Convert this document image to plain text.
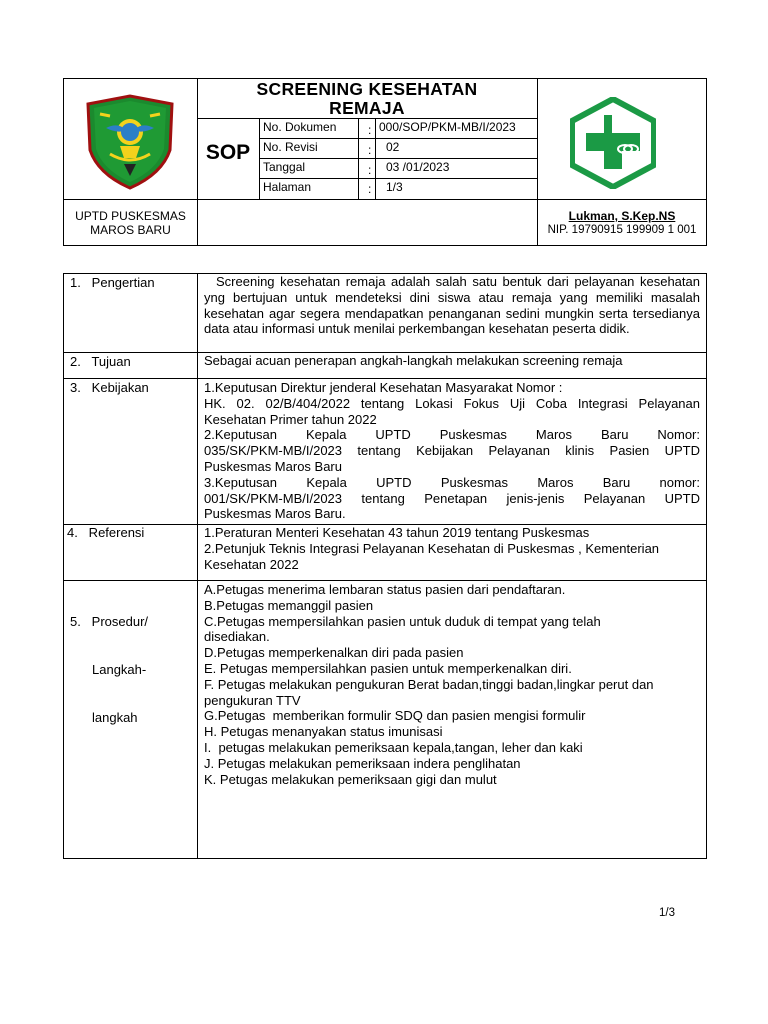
SCREENING KESEHATAN
REMAJA
SOP
No. Dokumen	: 000/SOP/PKM-MB/I/2023
No. Revisi	: 02
Tanggal	: 03 /01/2023
Halaman	: 1/3
UPTD PUSKESMAS
MAROS BARU
Lukman, S.Kep.NS
NIP. 19790915 199909 1 001
1.   Pengertian	Screening kesehatan remaja adalah salah satu bentuk dari pelayanan kesehatan yng bertujuan untuk mendeteksi dini siswa atau remaja yang memiliki masalah kesehatan agar segera mendapatkan penanganan sedini mungkin serta tersedianya data atau informasi untuk menilai perkembangan kesehatan peserta didik.
2.   Tujuan	Sebagai acuan penerapan angkah-langkah melakukan screening remaja
3.   Kebijakan	1.Keputusan Direktur jenderal Kesehatan Masyarakat Nomor :
HK. 02. 02/B/404/2022 tentang Lokasi Fokus Uji Coba Integrasi Pelayanan
Kesehatan Primer tahun 2022
2.Keputusan Kepala UPTD Puskesmas Maros Baru Nomor:
035/SK/PKM-MB/I/2023 tentang Kebijakan Pelayanan klinis Pasien UPTD
Puskesmas Maros Baru
3.Keputusan Kepala UPTD Puskesmas Maros Baru nomor:
001/SK/PKM-MB/I/2023 tentang Penetapan jenis-jenis Pelayanan UPTD
Puskesmas Maros Baru.
4.   Referensi	1.Peraturan Menteri Kesehatan 43 tahun 2019 tentang Puskesmas
2.Petunjuk Teknis Integrasi Pelayanan Kesehatan di Puskesmas , Kementerian
Kesehatan 2022

5.   Prosedur/

Langkah-

langkah

A.Petugas menerima lembaran status pasien dari pendaftaran.
B.Petugas memanggil pasien
C.Petugas mempersilahkan pasien untuk duduk di tempat yang telah
disediakan.
D.Petugas memperkenalkan diri pada pasien
E. Petugas mempersilahkan pasien untuk memperkenalkan diri.
F. Petugas melakukan pengukuran Berat badan,tinggi badan,lingkar perut dan
pengukuran TTV
G.Petugas  memberikan formulir SDQ dan pasien mengisi formulir
H. Petugas menanyakan status imunisasi
I.  petugas melakukan pemeriksaan kepala,tangan, leher dan kaki
J. Petugas melakukan pemeriksaan indera penglihatan
K. Petugas melakukan pemeriksaan gigi dan mulut
1/3
